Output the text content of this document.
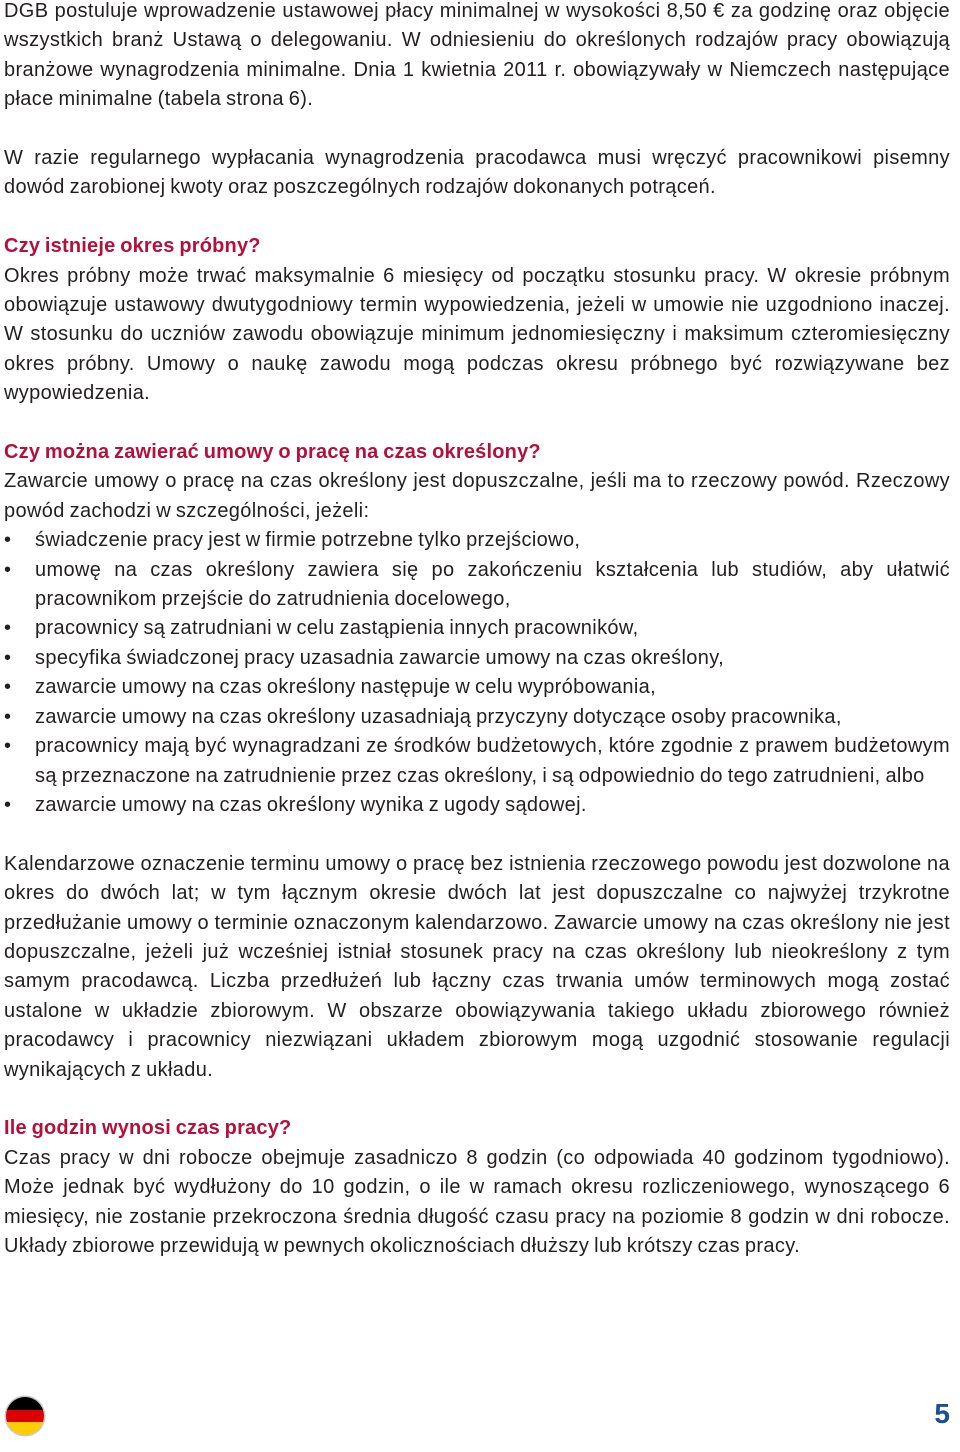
DGB postuluje wprowadzenie ustawowej płacy minimalnej w wysokości 8,50 € za godzinę oraz objęcie wszystkich branż Ustawą o delegowaniu. W odniesieniu do określonych rodzajów pracy obowiązują branżowe wynagrodzenia minimalne. Dnia 1 kwietnia 2011 r. obowiązywały w Niemczech następujące płace minimalne (tabela strona 6).

W razie regularnego wypłacania wynagrodzenia pracodawca musi wręczyć pracownikowi pisemny dowód zarobionej kwoty oraz poszczególnych rodzajów dokonanych potrąceń.

Czy istnieje okres próbny?

Okres próbny może trwać maksymalnie 6 miesięcy od początku stosunku pracy. W okresie próbnym obowiązuje ustawowy dwutygodniowy termin wypowiedzenia, jeżeli w umowie nie uzgodniono inaczej. W stosunku do uczniów zawodu obowiązuje minimum jednomiesięczny i maksimum czteromiesięczny okres próbny. Umowy o naukę zawodu mogą podczas okresu próbnego być rozwiązywane bez wypowiedzenia.

Czy można zawierać umowy o pracę na czas określony?

Zawarcie umowy o pracę na czas określony jest dopuszczalne, jeśli ma to rzeczowy powód. Rzeczowy powód zachodzi w szczególności, jeżeli:

•	świadczenie pracy jest w firmie potrzebne tylko przejściowo,
•	umowę na czas określony zawiera się po zakończeniu kształcenia lub studiów, aby ułatwić pracownikom przejście do zatrudnienia docelowego,
•	pracownicy są zatrudniani w celu zastąpienia innych pracowników,
•	specyfika świadczonej pracy uzasadnia zawarcie umowy na czas określony,
•	zawarcie umowy na czas określony następuje w celu wypróbowania,
•	zawarcie umowy na czas określony uzasadniają przyczyny dotyczące osoby pracownika,
•	pracownicy mają być wynagradzani ze środków budżetowych, które zgodnie z prawem budżetowym są przeznaczone na zatrudnienie przez czas określony, i są odpowiednio do tego zatrudnieni, albo
•	zawarcie umowy na czas określony wynika z ugody sądowej.

Kalendarzowe oznaczenie terminu umowy o pracę bez istnienia rzeczowego powodu jest dozwolone na okres do dwóch lat; w tym łącznym okresie dwóch lat jest dopuszczalne co najwyżej trzykrotne przedłużanie umowy o terminie oznaczonym kalendarzowo. Zawarcie umowy na czas określony nie jest dopuszczalne, jeżeli już wcześniej istniał stosunek pracy na czas określony lub nieokreślony z tym samym pracodawcą. Liczba przedłużeń lub łączny czas trwania umów terminowych mogą zostać ustalone w układzie zbiorowym. W obszarze obowiązywania takiego układu zbiorowego również pracodawcy i pracownicy niezwiązani układem zbiorowym mogą uzgodnić stosowanie regulacji wynikających z układu.

Ile godzin wynosi czas pracy?

Czas pracy w dni robocze obejmuje zasadniczo 8 godzin (co odpowiada 40 godzinom tygodniowo). Może jednak być wydłużony do 10 godzin, o ile w ramach okresu rozliczeniowego, wynoszącego 6 miesięcy, nie zostanie przekroczona średnia długość czasu pracy na poziomie 8 godzin w dni robocze. Układy zbiorowe przewidują w pewnych okolicznościach dłuższy lub krótszy czas pracy.

5
